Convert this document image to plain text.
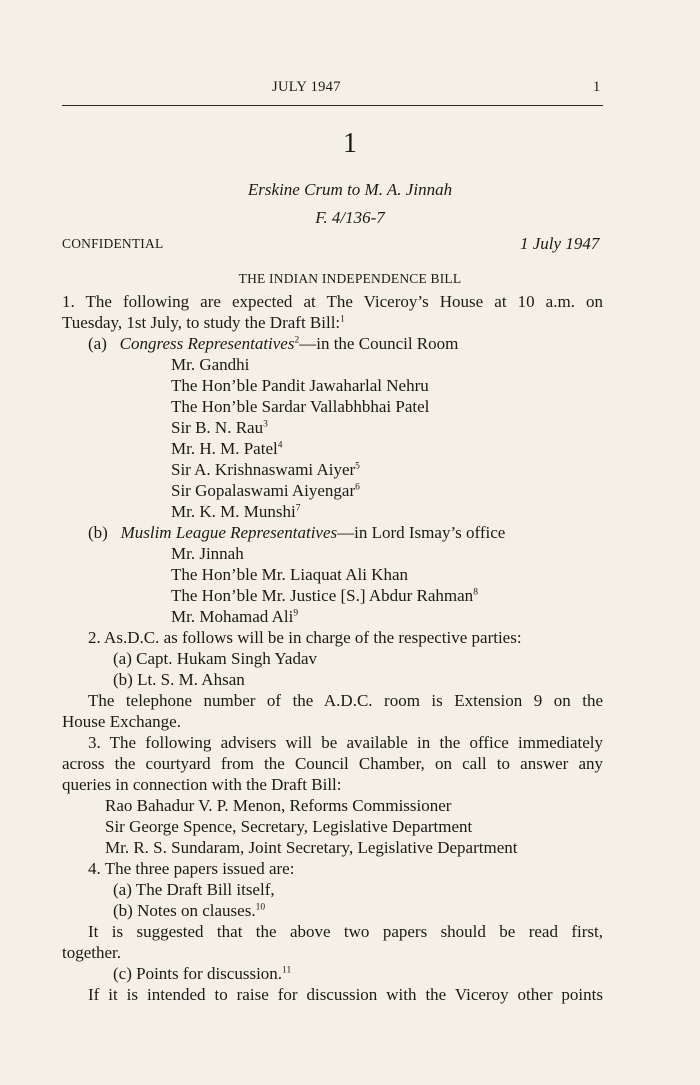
JULY 1947	1
1
Erskine Crum to M. A. Jinnah
F. 4/136-7
CONFIDENTIAL	1 July 1947
THE INDIAN INDEPENDENCE BILL
1. The following are expected at The Viceroy’s House at 10 a.m. on
Tuesday, 1st July, to study the Draft Bill:$^1$
(a) Congress Representatives$^2$—in the Council Room
Mr. Gandhi
The Hon’ble Pandit Jawaharlal Nehru
The Hon’ble Sardar Vallabhbhai Patel
Sir B. N. Rau$^3$
Mr. H. M. Patel$^4$
Sir A. Krishnaswami Aiyer$^5$
Sir Gopalaswami Aiyengar$^6$
Mr. K. M. Munshi$^7$
(b) Muslim League Representatives—in Lord Ismay’s office
Mr. Jinnah
The Hon’ble Mr. Liaquat Ali Khan
The Hon’ble Mr. Justice [S.] Abdur Rahman$^8$
Mr. Mohamad Ali$^9$
2. As.D.C. as follows will be in charge of the respective parties:
(a) Capt. Hukam Singh Yadav
(b) Lt. S. M. Ahsan
The telephone number of the A.D.C. room is Extension 9 on the
House Exchange.
3. The following advisers will be available in the office immediately
across the courtyard from the Council Chamber, on call to answer any
queries in connection with the Draft Bill:
Rao Bahadur V. P. Menon, Reforms Commissioner
Sir George Spence, Secretary, Legislative Department
Mr. R. S. Sundaram, Joint Secretary, Legislative Department
4. The three papers issued are:
(a) The Draft Bill itself,
(b) Notes on clauses.$^{10}$
It is suggested that the above two papers should be read first,
together.
(c) Points for discussion.$^{11}$
If it is intended to raise for discussion with the Viceroy other points
